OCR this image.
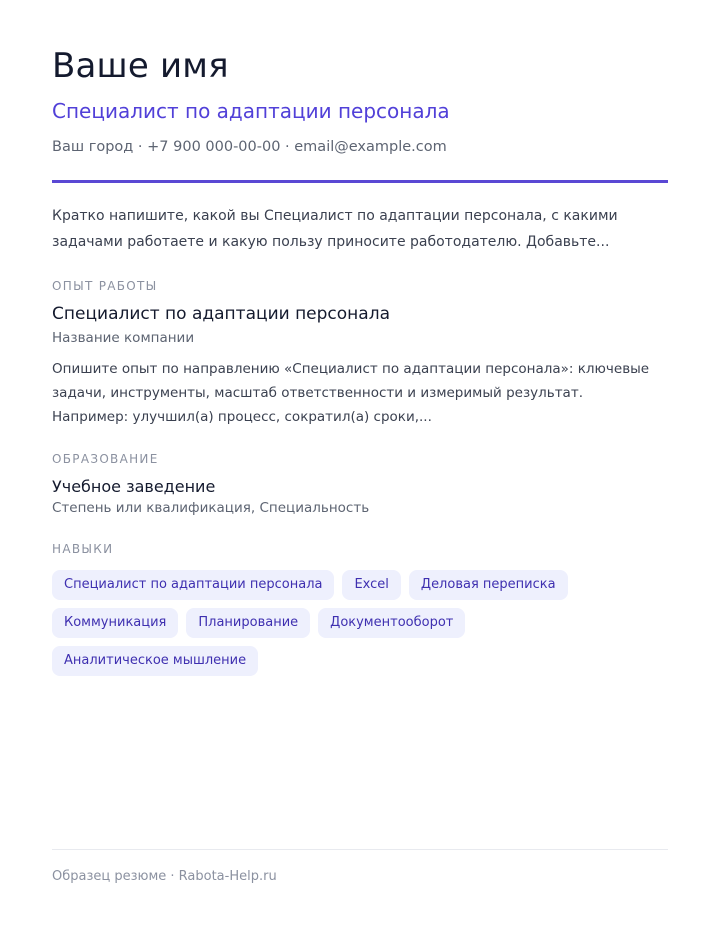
Ваше имя
Специалист по адаптации персонала
Ваш город · +7 900 000-00-00 · email@example.com
Кратко напишите, какой вы Специалист по адаптации персонала, с какими задачами работаете и какую пользу приносите работодателю. Добавьте...
ОПЫТ РАБОТЫ
Специалист по адаптации персонала
Название компании
Опишите опыт по направлению «Специалист по адаптации персонала»: ключевые задачи, инструменты, масштаб ответственности и измеримый результат. Например: улучшил(а) процесс, сократил(а) сроки,...
ОБРАЗОВАНИЕ
Учебное заведение
Степень или квалификация, Специальность
НАВЫКИ
Специалист по адаптации персонала	Excel	Деловая переписка
Коммуникация	Планирование	Документооборот
Аналитическое мышление
Образец резюме · Rabota-Help.ru
